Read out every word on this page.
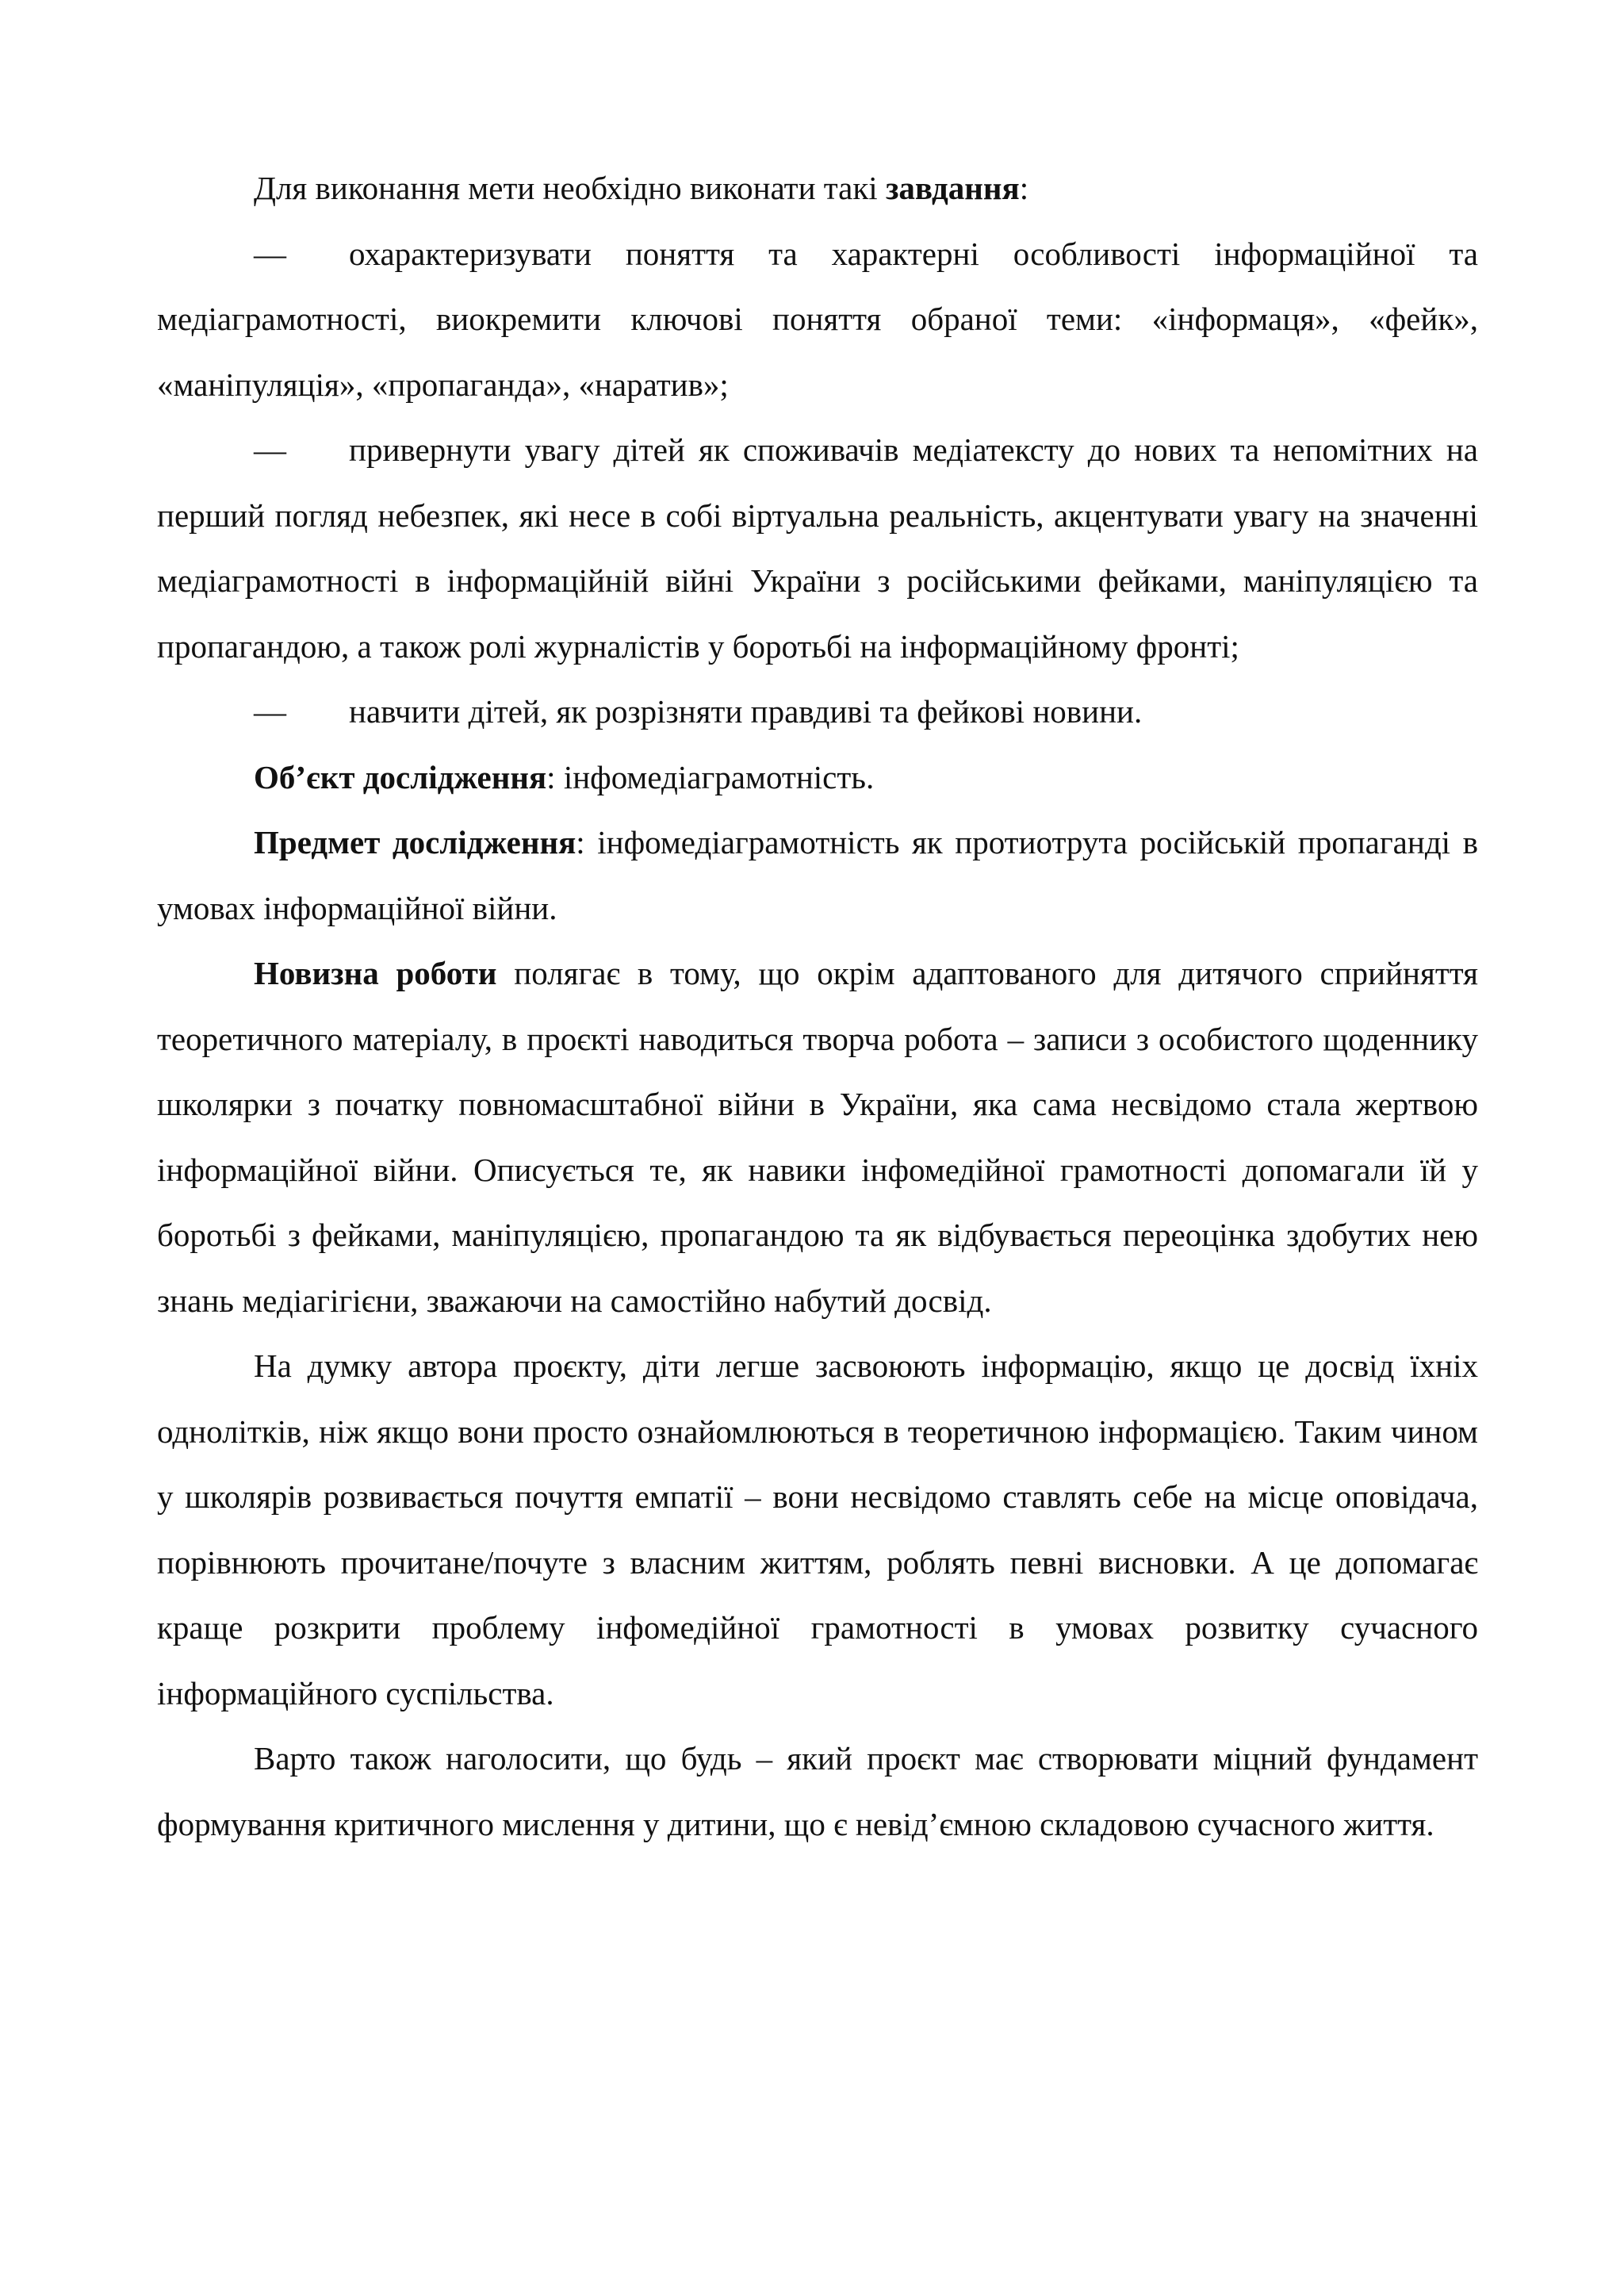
Для виконання мети необхідно виконати такі завдання:

— охарактеризувати поняття та характерні особливості інформаційної та медіаграмотності, виокремити ключові поняття обраної теми: «інформаця», «фейк», «маніпуляція», «пропаганда», «наратив»;

— привернути увагу дітей як споживачів медіатексту до нових та непомітних на перший погляд небезпек, які несе в собі віртуальна реальність, акцентувати увагу на значенні медіаграмотності в інформаційній війні України з російськими фейками, маніпуляцією та пропагандою, а також ролі журналістів у боротьбі на інформаційному фронті;

— навчити дітей, як розрізняти правдиві та фейкові новини.

Об’єкт дослідження: інфомедіаграмотність.

Предмет дослідження: інфомедіаграмотність як протиотрута російській пропаганді в умовах інформаційної війни.

Новизна роботи полягає в тому, що окрім адаптованого для дитячого сприйняття теоретичного матеріалу, в проєкті наводиться творча робота – записи з особистого щоденнику школярки з початку повномасштабної війни в України, яка сама несвідомо стала жертвою інформаційної війни. Описується те, як навики інфомедійної грамотності допомагали їй у боротьбі з фейками, маніпуляцією, пропагандою та як відбувається переоцінка здобутих нею знань медіагігієни, зважаючи на самостійно набутий досвід.

На думку автора проєкту, діти легше засвоюють інформацію, якщо це досвід їхніх однолітків, ніж якщо вони просто ознайомлюються в теоретичною інформацією. Таким чином у школярів розвивається почуття емпатії – вони несвідомо ставлять себе на місце оповідача, порівнюють прочитане/почуте з власним життям, роблять певні висновки. А це допомагає краще розкрити проблему інфомедійної грамотності в умовах розвитку сучасного інформаційного суспільства.

Варто також наголосити, що будь – який проєкт має створювати міцний фундамент формування критичного мислення у дитини, що є невід’ємною складовою сучасного життя.
